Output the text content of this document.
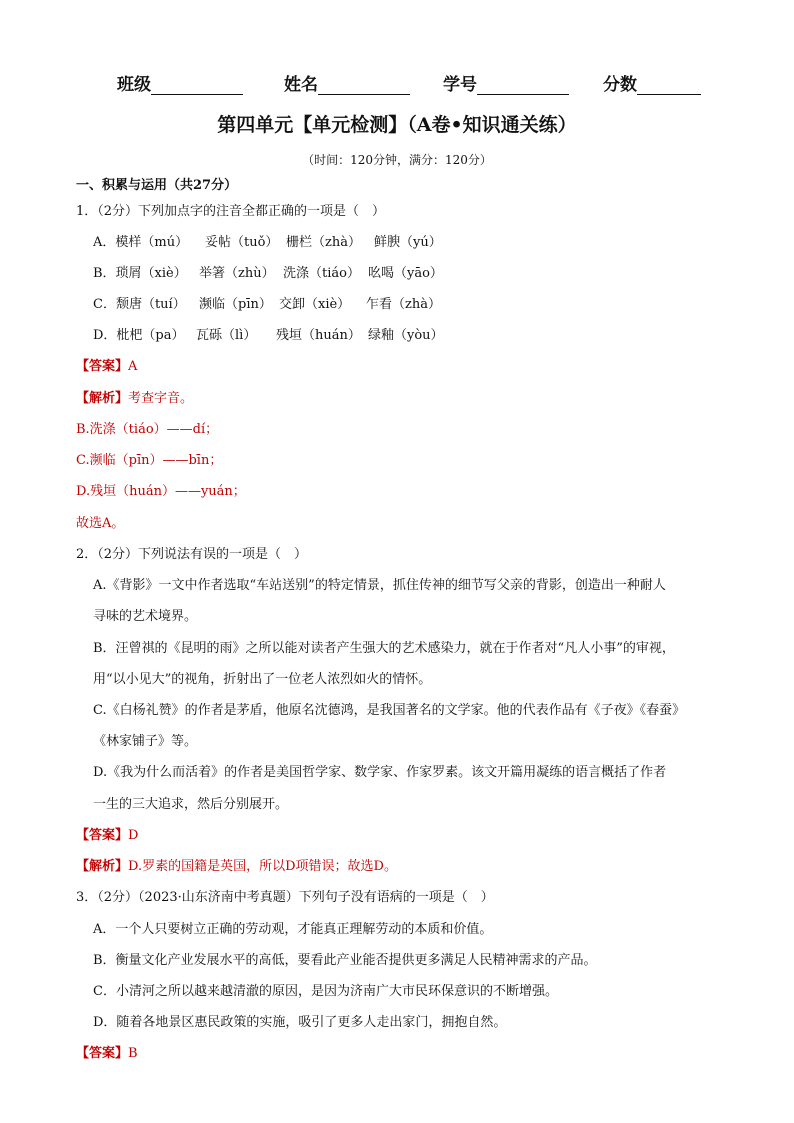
班级	姓名	学号	分数
第四单元【单元检测】（A卷•知识通关练）
（时间：120分钟，满分：120分）
一、积累与运用（共27分）
1．（2分）下列加点字的注音全都正确的一项是（　）
A．模样（mú） 妥帖（tuǒ） 栅栏（zhà） 鲜腴（yú）
B．琐屑（xiè） 举箸（zhù） 洗涤（tiáo） 吆喝（yāo）
C．颓唐（tuí） 濒临（pīn） 交卸（xiè） 乍看（zhà）
D．枇杷（pa） 瓦砾（lì） 残垣（huán） 绿釉（yòu）
【答案】A
【解析】考查字音。
B.洗涤（tiáo）——dí；
C.濒临（pīn）——bīn；
D.残垣（huán）——yuán；
故选A。
2．（2分）下列说法有误的一项是（　）
A.《背影》一文中作者选取“车站送别”的特定情景，抓住传神的细节写父亲的背影，创造出一种耐人
寻味的艺术境界。
B．汪曾祺的《昆明的雨》之所以能对读者产生强大的艺术感染力，就在于作者对“凡人小事”的审视，
用“以小见大”的视角，折射出了一位老人浓烈如火的情怀。
C.《白杨礼赞》的作者是茅盾，他原名沈德鸿，是我国著名的文学家。他的代表作品有《子夜》《春蚕》
《林家铺子》等。
D.《我为什么而活着》的作者是美国哲学家、数学家、作家罗素。该文开篇用凝练的语言概括了作者
一生的三大追求，然后分别展开。
【答案】D
【解析】D.罗素的国籍是英国，所以D项错误；故选D。
3．（2分）（2023·山东济南中考真题）下列句子没有语病的一项是（　）
A．一个人只要树立正确的劳动观，才能真正理解劳动的本质和价值。
B．衡量文化产业发展水平的高低，要看此产业能否提供更多满足人民精神需求的产品。
C．小清河之所以越来越清澈的原因，是因为济南广大市民环保意识的不断增强。
D．随着各地景区惠民政策的实施，吸引了更多人走出家门，拥抱自然。
【答案】B
